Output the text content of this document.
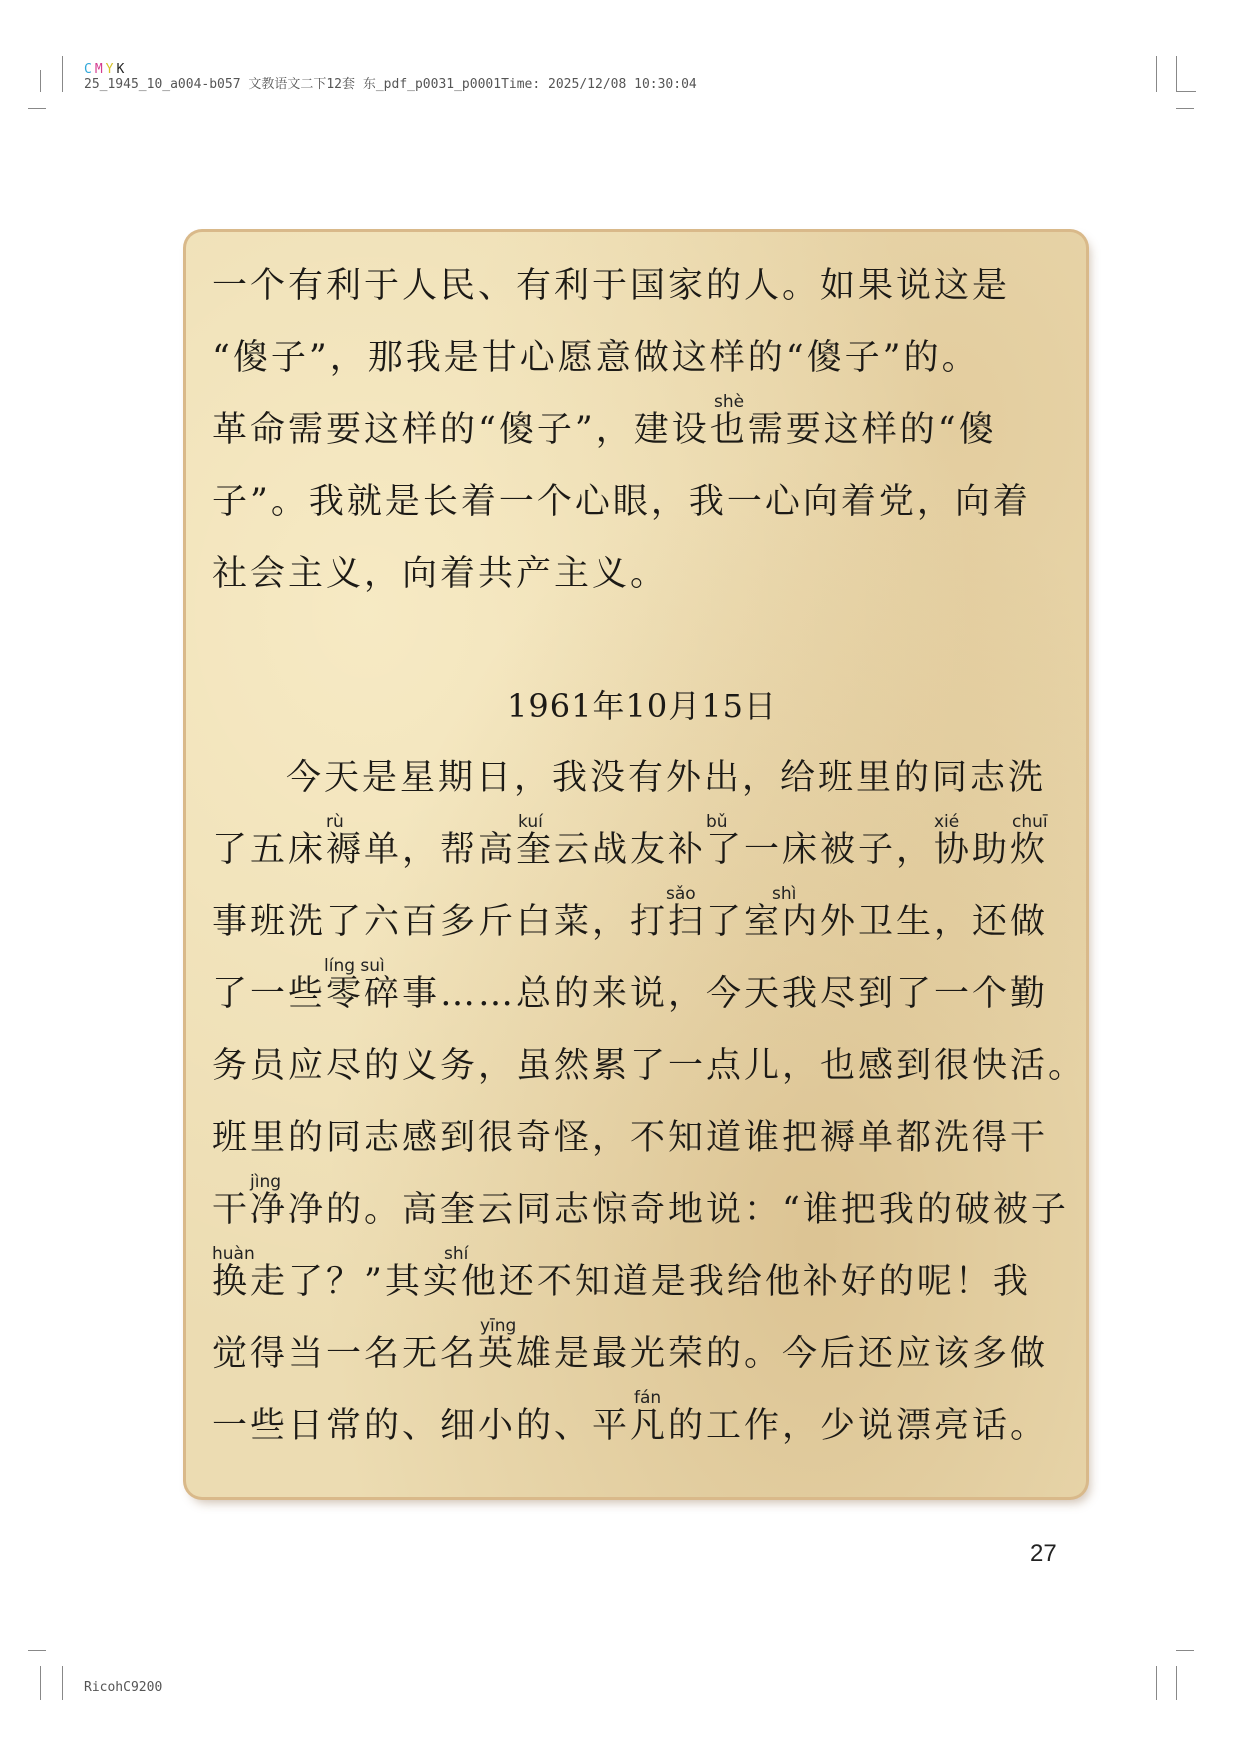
C M Y K
25_1945_10_a004-b057 文教语文二下12套 东_pdf_p0031_p0001Time: 2025/12/08 10:30:04
一个有利于人民、有利于国家的人。如果说这是
“傻子”，那我是甘心愿意做这样的“傻子”的。
shè
革命需要这样的“傻子”，建设也需要这样的“傻
子”。我就是长着一个心眼，我一心向着党，向着
社会主义，向着共产主义。
1961年10月15日
今天是星期日，我没有外出，给班里的同志洗
rù	kuí	bǔ	xié	chuī
了五床褥单，帮高奎云战友补了一床被子，协助炊
sǎo	shì
事班洗了六百多斤白菜，打扫了室内外卫生，还做
líng suì
了一些零碎事……总的来说，今天我尽到了一个勤
务员应尽的义务，虽然累了一点儿，也感到很快活。
班里的同志感到很奇怪，不知道谁把褥单都洗得干
jìng
干净净的。高奎云同志惊奇地说：“谁把我的破被子
huàn	shí
换走了？”其实他还不知道是我给他补好的呢！我
yīng
觉得当一名无名英雄是最光荣的。今后还应该多做
fán
一些日常的、细小的、平凡的工作，少说漂亮话。
27
RicohC9200
